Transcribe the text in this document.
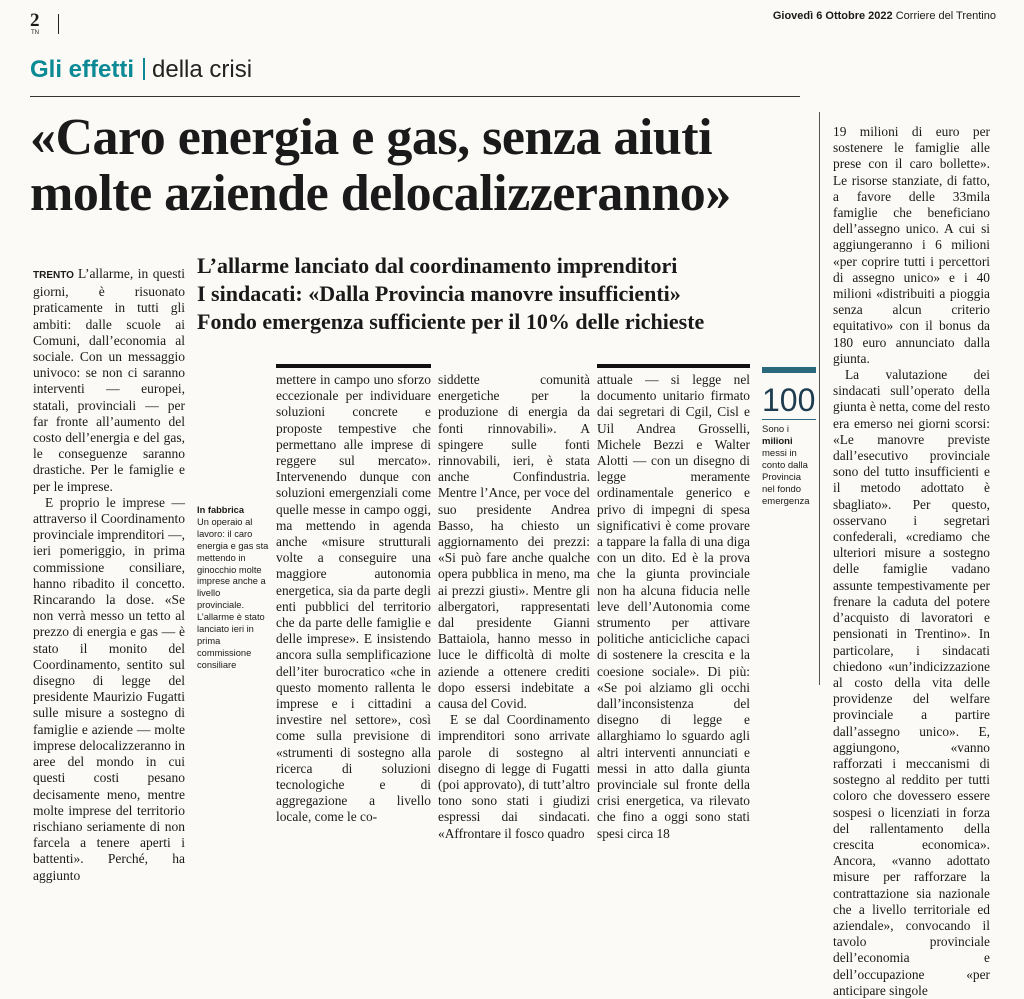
2
TN
Giovedì 6 Ottobre 2022 Corriere del Trentino
Gli effetti della crisi
«Caro energia e gas, senza aiuti molte aziende delocalizzeranno»
L’allarme lanciato dal coordinamento imprenditori
I sindacati: «Dalla Provincia manovre insufficienti»
Fondo emergenza sufficiente per il 10% delle richieste

TRENTO L’allarme, in questi giorni, è risuonato praticamente in tutti gli ambiti: dalle scuole ai Comuni, dall’economia al sociale. Con un messaggio univoco: se non ci saranno interventi — europei, statali, provinciali — per far fronte all’aumento del costo dell’energia e del gas, le conseguenze saranno drastiche. Per le famiglie e per le imprese.

E proprio le imprese — attraverso il Coordinamento provinciale imprenditori —, ieri pomeriggio, in prima commissione consiliare, hanno ribadito il concetto. Rincarando la dose. «Se non verrà messo un tetto al prezzo di energia e gas — è stato il monito del Coordinamento, sentito sul disegno di legge del presidente Maurizio Fugatti sulle misure a sostegno di famiglie e aziende — molte imprese delocalizzeranno in aree del mondo in cui questi costi pesano decisamente meno, mentre molte imprese del territorio rischiano seriamente di non farcela a tenere aperti i battenti». Perché, ha aggiunto

In fabbrica
Un operaio al lavoro: il caro energia e gas sta mettendo in ginocchio molte imprese anche a livello provinciale. L’allarme è stato lanciato ieri in prima commissione consiliare

mettere in campo uno sforzo eccezionale per individuare soluzioni concrete e proposte tempestive che permettano alle imprese di reggere sul mercato». Intervenendo dunque con soluzioni emergenziali come quelle messe in campo oggi, ma mettendo in agenda anche «misure strutturali volte a conseguire una maggiore autonomia energetica, sia da parte degli enti pubblici del territorio che da parte delle famiglie e delle imprese». E insistendo ancora sulla semplificazione dell’iter burocratico «che in questo momento rallenta le imprese e i cittadini a investire nel settore», così come sulla previsione di «strumenti di sostegno alla ricerca di soluzioni tecnologiche e di aggregazione a livello locale, come le co-

siddette comunità energetiche per la produzione di energia da fonti rinnovabili». A spingere sulle fonti rinnovabili, ieri, è stata anche Confindustria. Mentre l’Ance, per voce del suo presidente Andrea Basso, ha chiesto un aggiornamento dei prezzi: «Si può fare anche qualche opera pubblica in meno, ma ai prezzi giusti». Mentre gli albergatori, rappresentati dal presidente Gianni Battaiola, hanno messo in luce le difficoltà di molte aziende a ottenere crediti dopo essersi indebitate a causa del Covid.

E se dal Coordinamento imprenditori sono arrivate parole di sostegno al disegno di legge di Fugatti (poi approvato), di tutt’altro tono sono stati i giudizi espressi dai sindacati. «Affrontare il fosco quadro

attuale — si legge nel documento unitario firmato dai segretari di Cgil, Cisl e Uil Andrea Grosselli, Michele Bezzi e Walter Alotti — con un disegno di legge meramente ordinamentale generico e privo di impegni di spesa significativi è come provare a tappare la falla di una diga con un dito. Ed è la prova che la giunta provinciale non ha alcuna fiducia nelle leve dell’Autonomia come strumento per attivare politiche anticicliche capaci di sostenere la crescita e la coesione sociale». Di più: «Se poi alziamo gli occhi dall’inconsistenza del disegno di legge e allarghiamo lo sguardo agli altri interventi annunciati e messi in atto dalla giunta provinciale sul fronte della crisi energetica, va rilevato che fino a oggi sono stati spesi circa 18

100
Sono i milioni messi in conto dalla Provincia nel fondo emergenza

19 milioni di euro per sostenere le famiglie alle prese con il caro bollette». Le risorse stanziate, di fatto, a favore delle 33mila famiglie che beneficiano dell’assegno unico. A cui si aggiungeranno i 6 milioni «per coprire tutti i percettori di assegno unico» e i 40 milioni «distribuiti a pioggia senza alcun criterio equitativo» con il bonus da 180 euro annunciato dalla giunta.

La valutazione dei sindacati sull’operato della giunta è netta, come del resto era emerso nei giorni scorsi: «Le manovre previste dall’esecutivo provinciale sono del tutto insufficienti e il metodo adottato è sbagliato». Per questo, osservano i segretari confederali, «crediamo che ulteriori misure a sostegno delle famiglie vadano assunte tempestivamente per frenare la caduta del potere d’acquisto di lavoratori e pensionati in Trentino». In particolare, i sindacati chiedono «un’indicizzazione al costo della vita delle providenze del welfare provinciale a partire dall’assegno unico». E, aggiungono, «vanno rafforzati i meccanismi di sostegno al reddito per tutti coloro che dovessero essere sospesi o licenziati in forza del rallentamento della crescita economica». Ancora, «vanno adottato misure per rafforzare la contrattazione sia nazionale che a livello territoriale ed aziendale», convocando il tavolo provinciale dell’economia e dell’occupazione «per anticipare singole
